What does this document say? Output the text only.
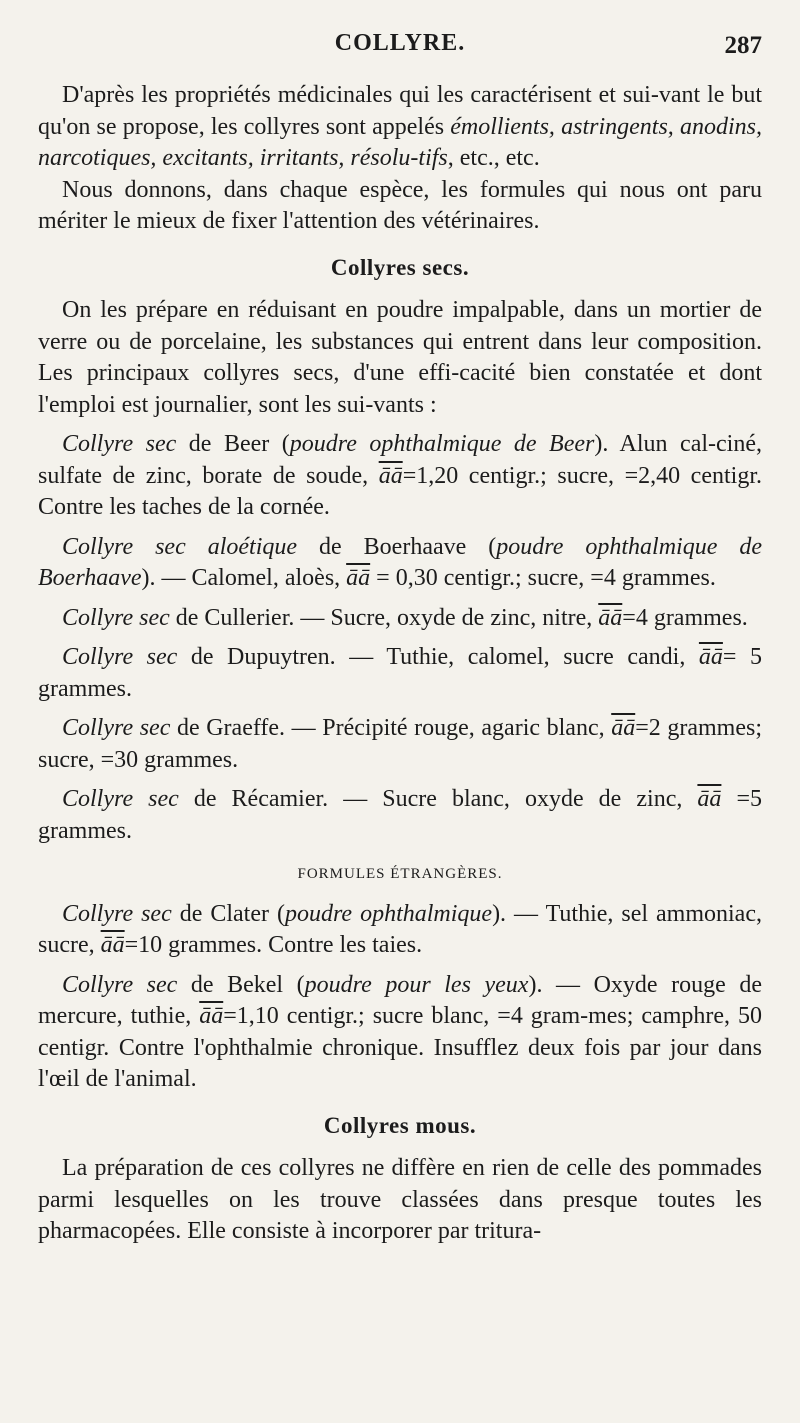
COLLYRE.	287

D'après les propriétés médicinales qui les caractérisent et sui-vant le but qu'on se propose, les collyres sont appelés émollients, astringents, anodins, narcotiques, excitants, irritants, résolu-tifs, etc., etc.

Nous donnons, dans chaque espèce, les formules qui nous ont paru mériter le mieux de fixer l'attention des vétérinaires.

Collyres secs.

On les prépare en réduisant en poudre impalpable, dans un mortier de verre ou de porcelaine, les substances qui entrent dans leur composition. Les principaux collyres secs, d'une effi-cacité bien constatée et dont l'emploi est journalier, sont les sui-vants :

Collyre sec de Beer (poudre ophthalmique de Beer). Alun cal-ciné, sulfate de zinc, borate de soude, $\overline{āā}=1,20$ centigr.; sucre, =2,40 centigr. Contre les taches de la cornée.

Collyre sec aloétique de Boerhaave (poudre ophthalmique de Boerhaave). — Calomel, aloès, $\overline{āā} = 0,30$ centigr.; sucre, =4 grammes.

Collyre sec de Cullerier. — Sucre, oxyde de zinc, nitre, $\overline{āā}=4$ grammes.

Collyre sec de Dupuytren. — Tuthie, calomel, sucre candi, $\overline{āā}= 5$ grammes.

Collyre sec de Graeffe. — Précipité rouge, agaric blanc, $\overline{āā}=2$ grammes; sucre, =30 grammes.

Collyre sec de Récamier. — Sucre blanc, oxyde de zinc, $\overline{āā} =5$ grammes.

FORMULES ÉTRANGÈRES.

Collyre sec de Clater (poudre ophthalmique). — Tuthie, sel ammoniac, sucre, $\overline{āā}=10$ grammes. Contre les taies.

Collyre sec de Bekel (poudre pour les yeux). — Oxyde rouge de mercure, tuthie, $\overline{āā}=1,10$ centigr.; sucre blanc, =4 gram-mes; camphre, 50 centigr. Contre l'ophthalmie chronique. Insufflez deux fois par jour dans l'œil de l'animal.

Collyres mous.

La préparation de ces collyres ne diffère en rien de celle des pommades parmi lesquelles on les trouve classées dans presque toutes les pharmacopées. Elle consiste à incorporer par tritura-
